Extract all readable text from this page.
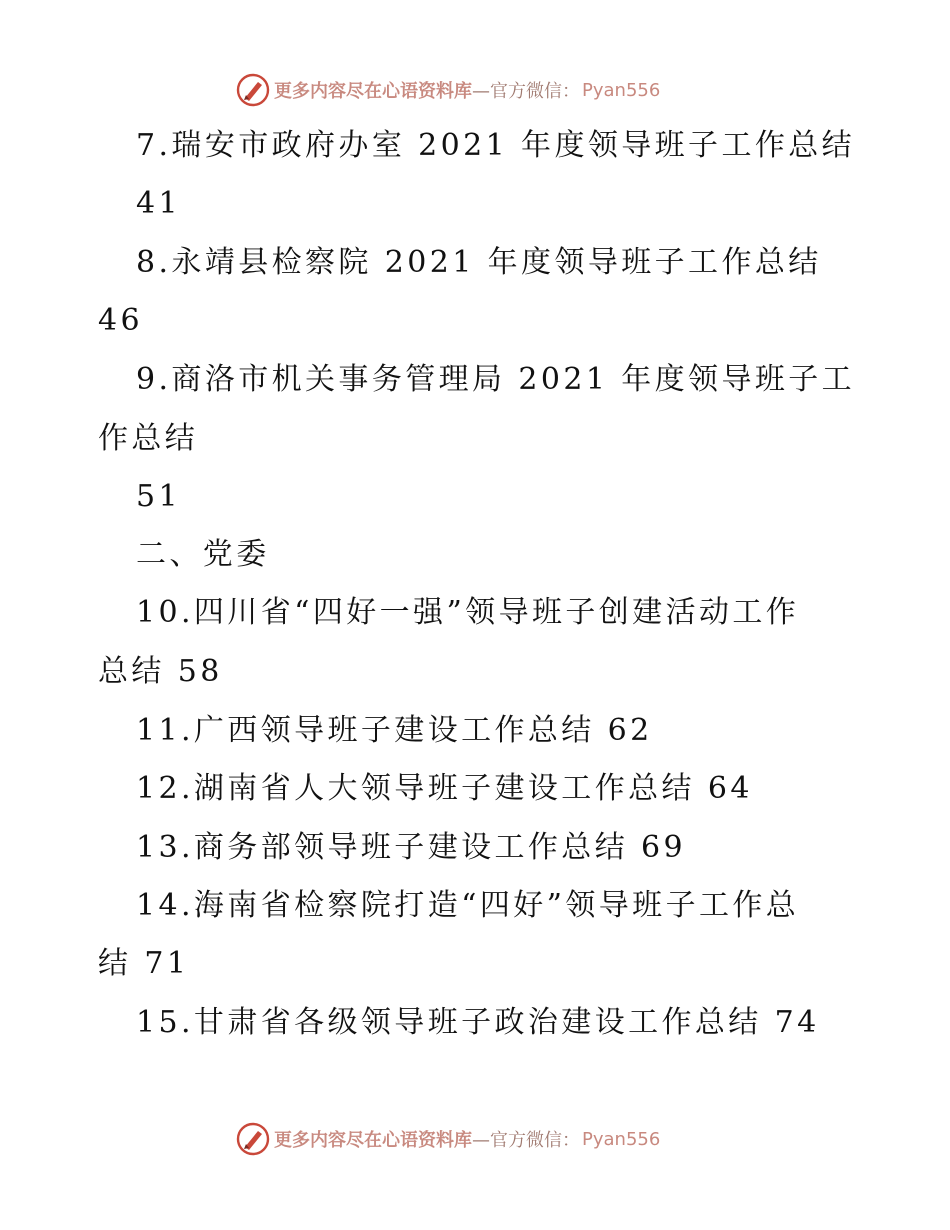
更多内容尽在心语资料库 —官方微信： Pyan556
7.瑞安市政府办室 2021 年度领导班子工作总结
41
8.永靖县检察院 2021 年度领导班子工作总结
46
9.商洛市机关事务管理局 2021 年度领导班子工
作总结
51
二、党委
10.四川省“四好一强”领导班子创建活动工作
总结 58
11.广西领导班子建设工作总结 62
12.湖南省人大领导班子建设工作总结 64
13.商务部领导班子建设工作总结 69
14.海南省检察院打造“四好”领导班子工作总
结 71
15.甘肃省各级领导班子政治建设工作总结 74
更多内容尽在心语资料库 —官方微信： Pyan556
